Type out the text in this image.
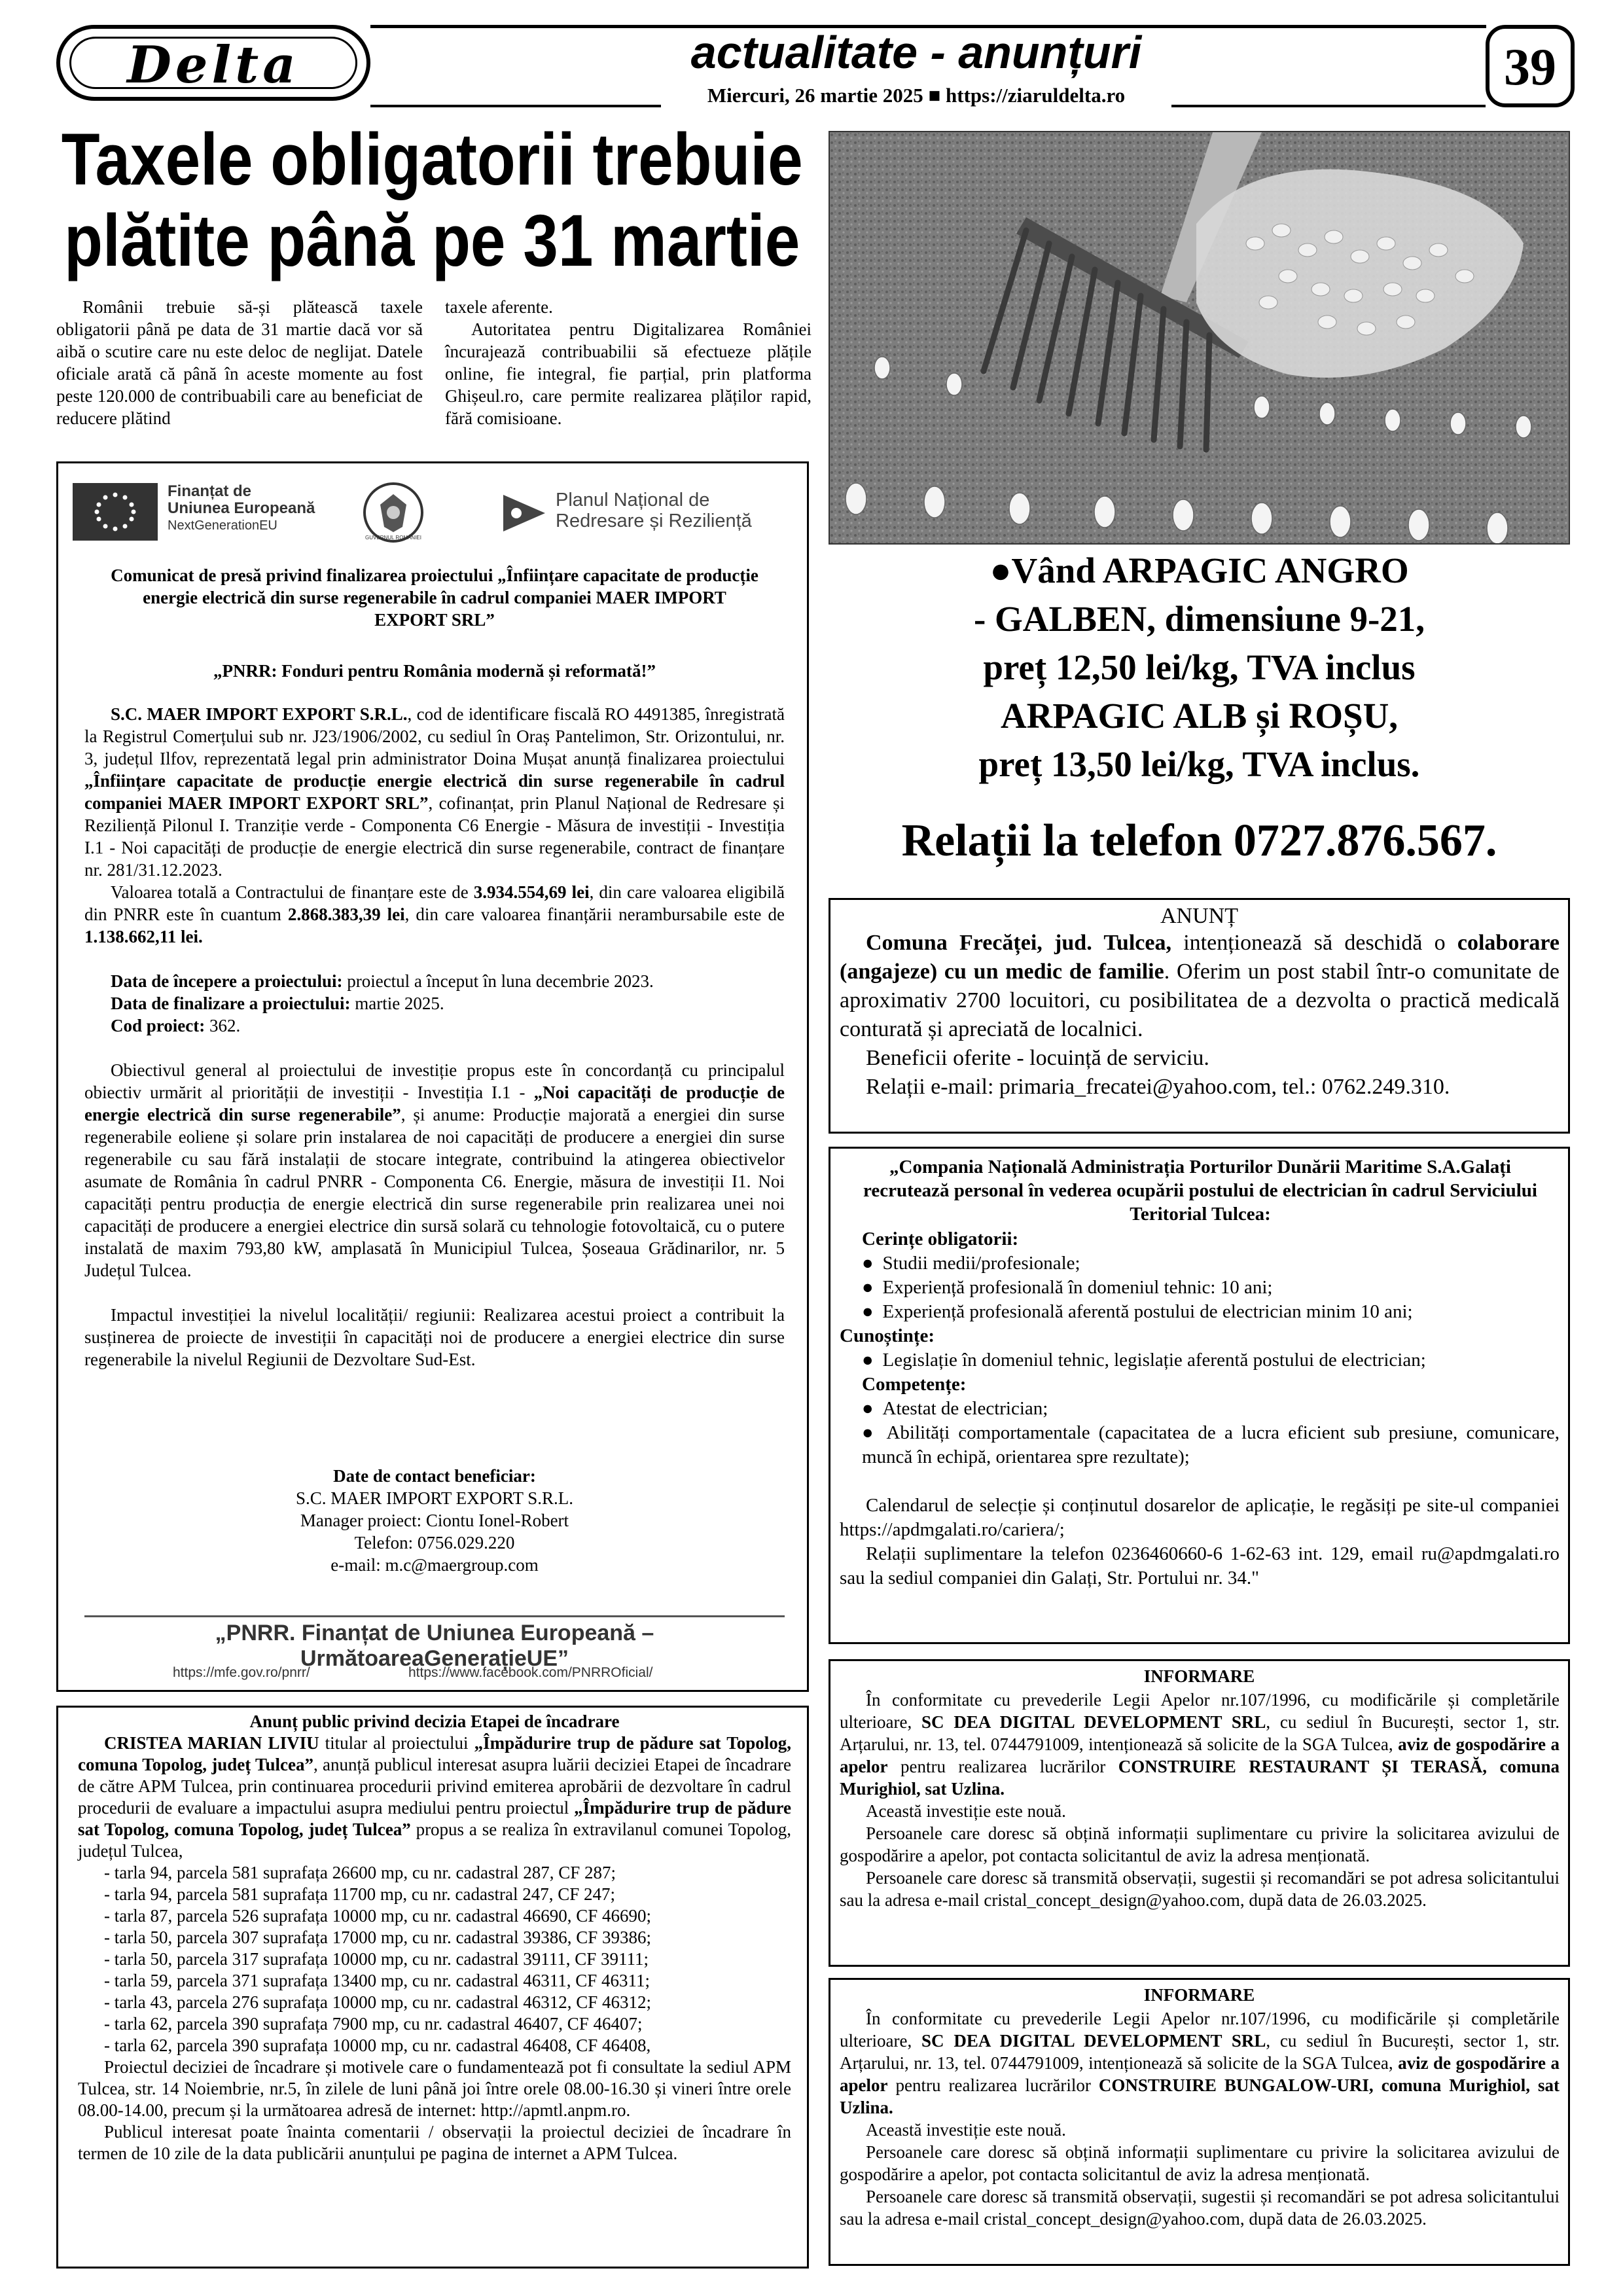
Delta	actualitate - anunțuri
Miercuri, 26 martie 2025 ■ https://ziaruldelta.ro	39
Taxele obligatorii trebuie
plătite până pe 31 martie

Românii trebuie să-și plătească taxele obligatorii până pe data de 31 martie dacă vor să aibă o scutire care nu este deloc de neglijat. Datele oficiale arată că până în aceste momente au fost peste 120.000 de contribuabili care au beneficiat de reducere plătind

taxele aferente.

Autoritatea pentru Digitalizarea României încurajează contribuabilii să efectueze plățile online, fie integral, fie parțial, prin platforma Ghișeul.ro, care permite realizarea plăților rapid, fără comisioane.

Finanțat de
Uniunea Europeană
NextGenerationEU
GUVERNUL ROMÂNIEI
Planul Național de
Redresare și Reziliență
Comunicat de presă privind finalizarea proiectului „Înființare capacitate de producție energie electrică din surse regenerabile în cadrul companiei MAER IMPORT EXPORT SRL”
„PNRR: Fonduri pentru România modernă și reformată!”

S.C. MAER IMPORT EXPORT S.R.L., cod de identificare fiscală RO 4491385, înregistrată la Registrul Comerțului sub nr. J23/1906/2002, cu sediul în Oraș Pantelimon, Str. Orizontului, nr. 3, județul Ilfov, reprezentată legal prin administrator Doina Mușat anunță finalizarea proiectului „Înființare capacitate de producție energie electrică din surse regenerabile în cadrul companiei MAER IMPORT EXPORT SRL”, cofinanțat, prin Planul Național de Redresare și Reziliență Pilonul I. Tranziție verde - Componenta C6 Energie - Măsura de investiții - Investiția I.1 - Noi capacități de producție de energie electrică din surse regenerabile, contract de finanțare nr. 281/31.12.2023.

Valoarea totală a Contractului de finanțare este de 3.934.554,69 lei, din care valoarea eligibilă din PNRR este în cuantum 2.868.383,39 lei, din care valoarea finanțării nerambursabile este de 1.138.662,11 lei.

Data de începere a proiectului: proiectul a început în luna decembrie 2023.

Data de finalizare a proiectului: martie 2025.

Cod proiect: 362.

Obiectivul general al proiectului de investiție propus este în concordanță cu principalul obiectiv urmărit al priorității de investiții - Investiția I.1 - „Noi capacități de producție de energie electrică din surse regenerabile”, și anume: Producție majorată a energiei din surse regenerabile eoliene și solare prin instalarea de noi capacități de producere a energiei din surse regenerabile cu sau fără instalații de stocare integrate, contribuind la atingerea obiectivelor asumate de România în cadrul PNRR - Componenta C6. Energie, măsura de investiții I1. Noi capacități pentru producția de energie electrică din surse regenerabile prin realizarea unei noi capacități de producere a energiei electrice din sursă solară cu tehnologie fotovoltaică, cu o putere instalată de maxim 793,80 kW, amplasată în Municipiul Tulcea, Șoseaua Grădinarilor, nr. 5 Județul Tulcea.

Impactul investiției la nivelul localității/ regiunii: Realizarea acestui proiect a contribuit la susținerea de proiecte de investiții în capacități noi de producere a energiei electrice din surse regenerabile la nivelul Regiunii de Dezvoltare Sud-Est.

Date de contact beneficiar:
S.C. MAER IMPORT EXPORT S.R.L.
Manager proiect: Ciontu Ionel-Robert
Telefon: 0756.029.220
e-mail: m.c@maergroup.com
„PNRR. Finanțat de Uniunea Europeană – UrmătoareaGenerațieUE”
https://mfe.gov.ro/pnrr/	https://www.facebook.com/PNRROficial/
Anunț public privind decizia Etapei de încadrare

CRISTEA MARIAN LIVIU titular al proiectului „Împădurire trup de pădure sat Topolog, comuna Topolog, județ Tulcea”, anunță publicul interesat asupra luării deciziei Etapei de încadrare de către APM Tulcea, prin continuarea procedurii privind emiterea aprobării de dezvoltare în cadrul procedurii de evaluare a impactului asupra mediului pentru proiectul „Împădurire trup de pădure sat Topolog, comuna Topolog, județ Tulcea” propus a se realiza în extravilanul comunei Topolog, județul Tulcea,

- tarla 94, parcela 581 suprafața 26600 mp, cu nr. cadastral 287, CF 287;
- tarla 94, parcela 581 suprafața 11700 mp, cu nr. cadastral 247, CF 247;
- tarla 87, parcela 526 suprafața 10000 mp, cu nr. cadastral 46690, CF 46690;
- tarla 50, parcela 307 suprafața 17000 mp, cu nr. cadastral 39386, CF 39386;
- tarla 50, parcela 317 suprafața 10000 mp, cu nr. cadastral 39111, CF 39111;
- tarla 59, parcela 371 suprafața 13400 mp, cu nr. cadastral 46311, CF 46311;
- tarla 43, parcela 276 suprafața 10000 mp, cu nr. cadastral 46312, CF 46312;
- tarla 62, parcela 390 suprafața 7900 mp, cu nr. cadastral 46407, CF 46407;
- tarla 62, parcela 390 suprafața 10000 mp, cu nr. cadastral 46408, CF 46408,

Proiectul deciziei de încadrare și motivele care o fundamentează pot fi consultate la sediul APM Tulcea, str. 14 Noiembrie, nr.5, în zilele de luni până joi între orele 08.00-16.30 și vineri între orele 08.00-14.00, precum și la următoarea adresă de internet: http://apmtl.anpm.ro.

Publicul interesat poate înainta comentarii / observații la proiectul deciziei de încadrare în termen de 10 zile de la data publicării anunțului pe pagina de internet a APM Tulcea.

●Vând ARPAGIC ANGRO
- GALBEN, dimensiune 9-21,
preț 12,50 lei/kg, TVA inclus
ARPAGIC ALB și ROȘU,
preț 13,50 lei/kg, TVA inclus.
Relații la telefon 0727.876.567.
ANUNȚ

Comuna Frecăței, jud. Tulcea, intenționează să deschidă o colaborare (angajeze) cu un medic de familie. Oferim un post stabil într-o comunitate de aproximativ 2700 locuitori, cu posibilitatea de a dezvolta o practică medicală conturată și apreciată de localnici.

Beneficii oferite - locuință de serviciu.

Relații e-mail: primaria_frecatei@yahoo.com, tel.: 0762.249.310.

„Compania Națională Administrația Porturilor Dunării Maritime S.A.Galați recrutează personal în vederea ocupării postului de electrician în cadrul Serviciului Teritorial Tulcea:
Cerințe obligatorii:
● Studii medii/profesionale;
● Experiență profesională în domeniul tehnic: 10 ani;
● Experiență profesională aferentă postului de electrician minim 10 ani;
Cunoștințe:
● Legislație în domeniul tehnic, legislație aferentă postului de electrician;
Competențe:
● Atestat de electrician;
● Abilități comportamentale (capacitatea de a lucra eficient sub presiune, comunicare, muncă în echipă, orientarea spre rezultate);

Calendarul de selecție și conținutul dosarelor de aplicație, le regăsiți pe site-ul companiei https://apdmgalati.ro/cariera/;

Relații suplimentare la telefon 0236460660-6 1-62-63 int. 129, email ru@apdmgalati.ro sau la sediul companiei din Galați, Str. Portului nr. 34."

INFORMARE

În conformitate cu prevederile Legii Apelor nr.107/1996, cu modificările și completările ulterioare, SC DEA DIGITAL DEVELOPMENT SRL, cu sediul în București, sector 1, str. Arțarului, nr. 13, tel. 0744791009, intenționează să solicite de la SGA Tulcea, aviz de gospodărire a apelor pentru realizarea lucrărilor CONSTRUIRE RESTAURANT ȘI TERASĂ, comuna Murighiol, sat Uzlina.

Această investiție este nouă.

Persoanele care doresc să obțină informații suplimentare cu privire la solicitarea avizului de gospodărire a apelor, pot contacta solicitantul de aviz la adresa menționată.

Persoanele care doresc să transmită observații, sugestii și recomandări se pot adresa solicitantului sau la adresa e-mail cristal_concept_design@yahoo.com, după data de 26.03.2025.

INFORMARE

În conformitate cu prevederile Legii Apelor nr.107/1996, cu modificările și completările ulterioare, SC DEA DIGITAL DEVELOPMENT SRL, cu sediul în București, sector 1, str. Arțarului, nr. 13, tel. 0744791009, intenționează să solicite de la SGA Tulcea, aviz de gospodărire a apelor pentru realizarea lucrărilor CONSTRUIRE BUNGALOW-URI, comuna Murighiol, sat Uzlina.

Această investiție este nouă.

Persoanele care doresc să obțină informații suplimentare cu privire la solicitarea avizului de gospodărire a apelor, pot contacta solicitantul de aviz la adresa menționată.

Persoanele care doresc să transmită observații, sugestii și recomandări se pot adresa solicitantului sau la adresa e-mail cristal_concept_design@yahoo.com, după data de 26.03.2025.
